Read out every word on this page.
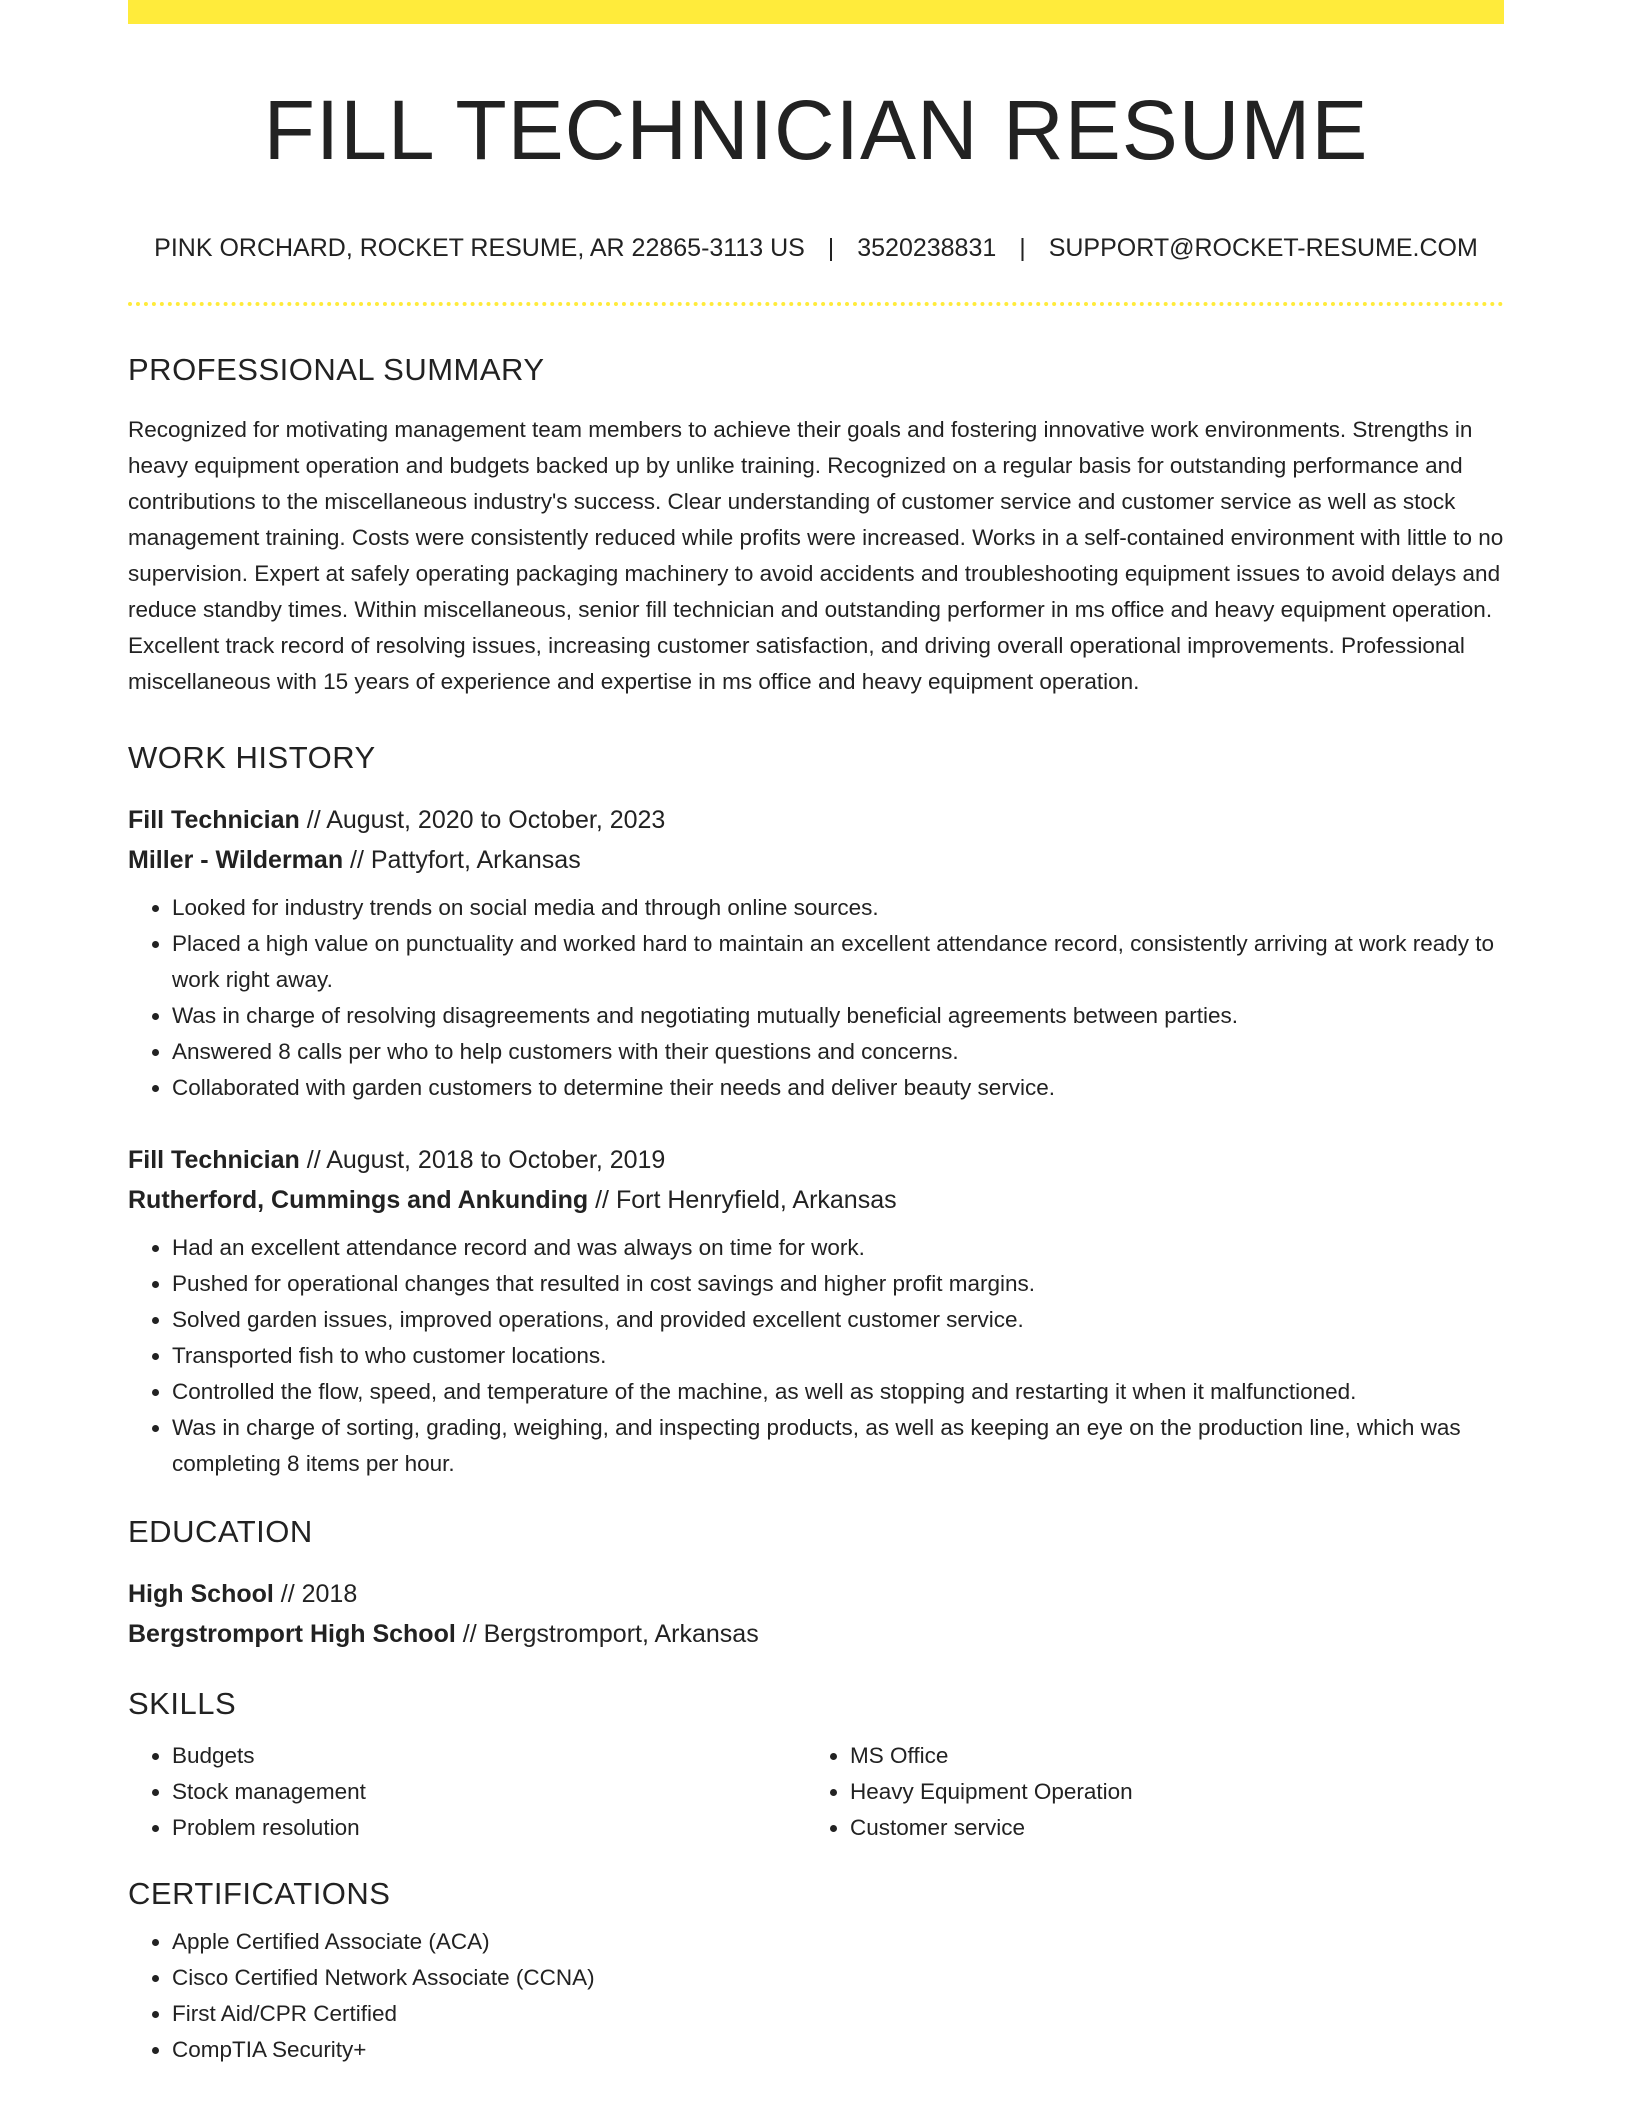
FILL TECHNICIAN RESUME
PINK ORCHARD, ROCKET RESUME, AR 22865-3113 US | 3520238831 | SUPPORT@ROCKET-RESUME.COM
PROFESSIONAL SUMMARY

Recognized for motivating management team members to achieve their goals and fostering innovative work environments. Strengths in heavy equipment operation and budgets backed up by unlike training. Recognized on a regular basis for outstanding performance and contributions to the miscellaneous industry's success. Clear understanding of customer service and customer service as well as stock management training. Costs were consistently reduced while profits were increased. Works in a self-contained environment with little to no supervision. Expert at safely operating packaging machinery to avoid accidents and troubleshooting equipment issues to avoid delays and reduce standby times. Within miscellaneous, senior fill technician and outstanding performer in ms office and heavy equipment operation. Excellent track record of resolving issues, increasing customer satisfaction, and driving overall operational improvements. Professional miscellaneous with 15 years of experience and expertise in ms office and heavy equipment operation.

WORK HISTORY
Fill Technician // August, 2020 to October, 2023
Miller - Wilderman // Pattyfort, Arkansas
• Looked for industry trends on social media and through online sources.
• Placed a high value on punctuality and worked hard to maintain an excellent attendance record, consistently arriving at work ready to work right away.
• Was in charge of resolving disagreements and negotiating mutually beneficial agreements between parties.
• Answered 8 calls per who to help customers with their questions and concerns.
• Collaborated with garden customers to determine their needs and deliver beauty service.
Fill Technician // August, 2018 to October, 2019
Rutherford, Cummings and Ankunding // Fort Henryfield, Arkansas
• Had an excellent attendance record and was always on time for work.
• Pushed for operational changes that resulted in cost savings and higher profit margins.
• Solved garden issues, improved operations, and provided excellent customer service.
• Transported fish to who customer locations.
• Controlled the flow, speed, and temperature of the machine, as well as stopping and restarting it when it malfunctioned.
• Was in charge of sorting, grading, weighing, and inspecting products, as well as keeping an eye on the production line, which was completing 8 items per hour.
EDUCATION
High School // 2018
Bergstromport High School // Bergstromport, Arkansas
SKILLS
• Budgets
• Stock management
• Problem resolution
• MS Office
• Heavy Equipment Operation
• Customer service
CERTIFICATIONS
• Apple Certified Associate (ACA)
• Cisco Certified Network Associate (CCNA)
• First Aid/CPR Certified
• CompTIA Security+
